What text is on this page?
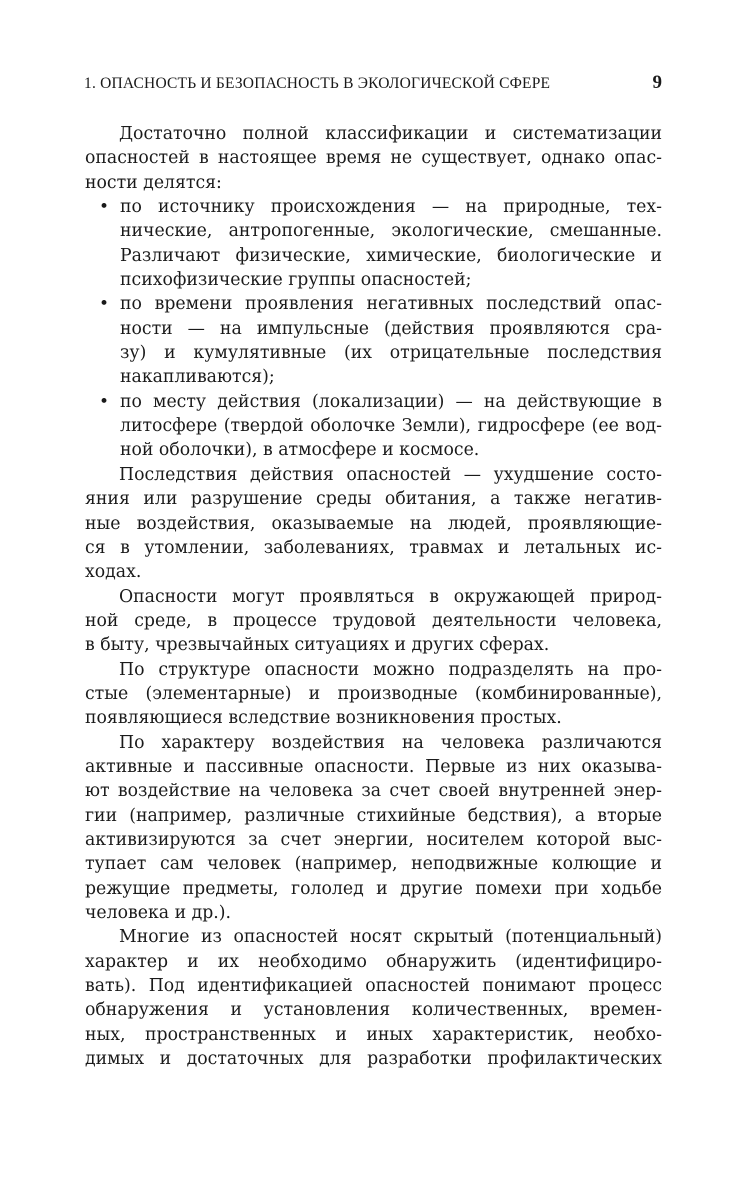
1. ОПАСНОСТЬ И БЕЗОПАСНОСТЬ В ЭКОЛОГИЧЕСКОЙ СФЕРЕ	9
Достаточно полной классификации и систематизации
опасностей в настоящее время не существует, однако опас-
ности делятся:
• по источнику происхождения — на природные, тех-
нические, антропогенные, экологические, смешанные.
Различают физические, химические, биологические и
психофизические группы опасностей;
• по времени проявления негативных последствий опас-
ности — на импульсные (действия проявляются сра-
зу) и кумулятивные (их отрицательные последствия
накапливаются);
• по месту действия (локализации) — на действующие в
литосфере (твердой оболочке Земли), гидросфере (ее вод-
ной оболочки), в атмосфере и космосе.
Последствия действия опасностей — ухудшение состо-
яния или разрушение среды обитания, а также негатив-
ные воздействия, оказываемые на людей, проявляющие-
ся в утомлении, заболеваниях, травмах и летальных ис-
ходах.
Опасности могут проявляться в окружающей природ-
ной среде, в процессе трудовой деятельности человека,
в быту, чрезвычайных ситуациях и других сферах.
По структуре опасности можно подразделять на про-
стые (элементарные) и производные (комбинированные),
появляющиеся вследствие возникновения простых.
По характеру воздействия на человека различаются
активные и пассивные опасности. Первые из них оказыва-
ют воздействие на человека за счет своей внутренней энер-
гии (например, различные стихийные бедствия), а вторые
активизируются за счет энергии, носителем которой выс-
тупает сам человек (например, неподвижные колющие и
режущие предметы, гололед и другие помехи при ходьбе
человека и др.).
Многие из опасностей носят скрытый (потенциальный)
характер и их необходимо обнаружить (идентифициро-
вать). Под идентификацией опасностей понимают процесс
обнаружения и установления количественных, времен-
ных, пространственных и иных характеристик, необхо-
димых и достаточных для разработки профилактических
